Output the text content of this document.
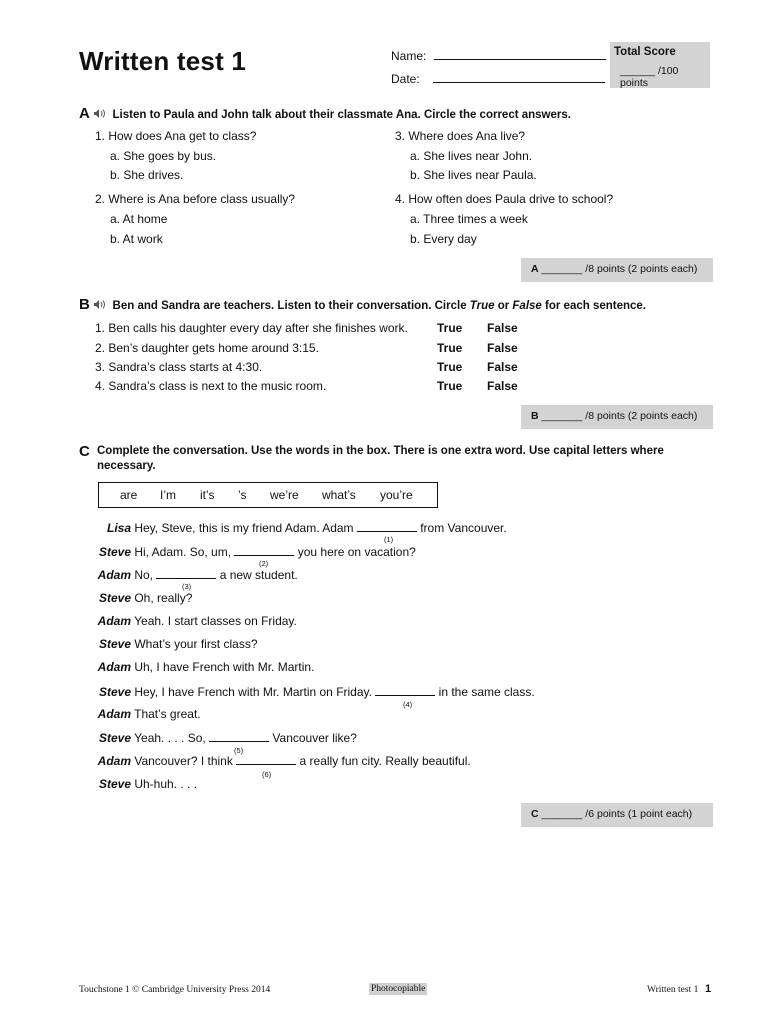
Written test 1	Name:
Date:
Total Score
______ /100 points
A Listen to Paula and John talk about their classmate Ana. Circle the correct answers.
1. How does Ana get to class?
a. She goes by bus.
b. She drives.
2. Where is Ana before class usually?
a. At home
b. At work
3. Where does Ana live?
a. She lives near John.
b. She lives near Paula.
4. How often does Paula drive to school?
a. Three times a week
b. Every day
A _______ /8 points (2 points each)
B Ben and Sandra are teachers. Listen to their conversation. Circle True or False for each sentence.
1. Ben calls his daughter every day after she finishes work. True False
2. Ben’s daughter gets home around 3:15.	True False
3. Sandra’s class starts at 4:30.	True False
4. Sandra’s class is next to the music room.	True False
B _______ /8 points (2 points each)
C Complete the conversation. Use the words in the box. There is one extra word. Use capital letters where
necessary.
are	I’m	it’s	’s	we’re	what’s	you’re
Lisa Hey, Steve, this is my friend Adam. Adam	from Vancouver.
(1)
Steve Hi, Adam. So, um,	you here on vacation?
(2)
Adam No,	a new student.
(3)
Steve Oh, really?
Adam Yeah. I start classes on Friday.
Steve What’s your first class?
Adam Uh, I have French with Mr. Martin.
Steve Hey, I have French with Mr. Martin on Friday.	in the same class.
(4)
Adam That’s great.
Steve Yeah. . . . So,	Vancouver like?
(5)
Adam Vancouver? I think	a really fun city. Really beautiful.
(6)
Steve Uh-huh. . . .
C _______ /6 points (1 point each)
Touchstone 1 © Cambridge University Press 2014	Photocopiable	Written test 1 1
